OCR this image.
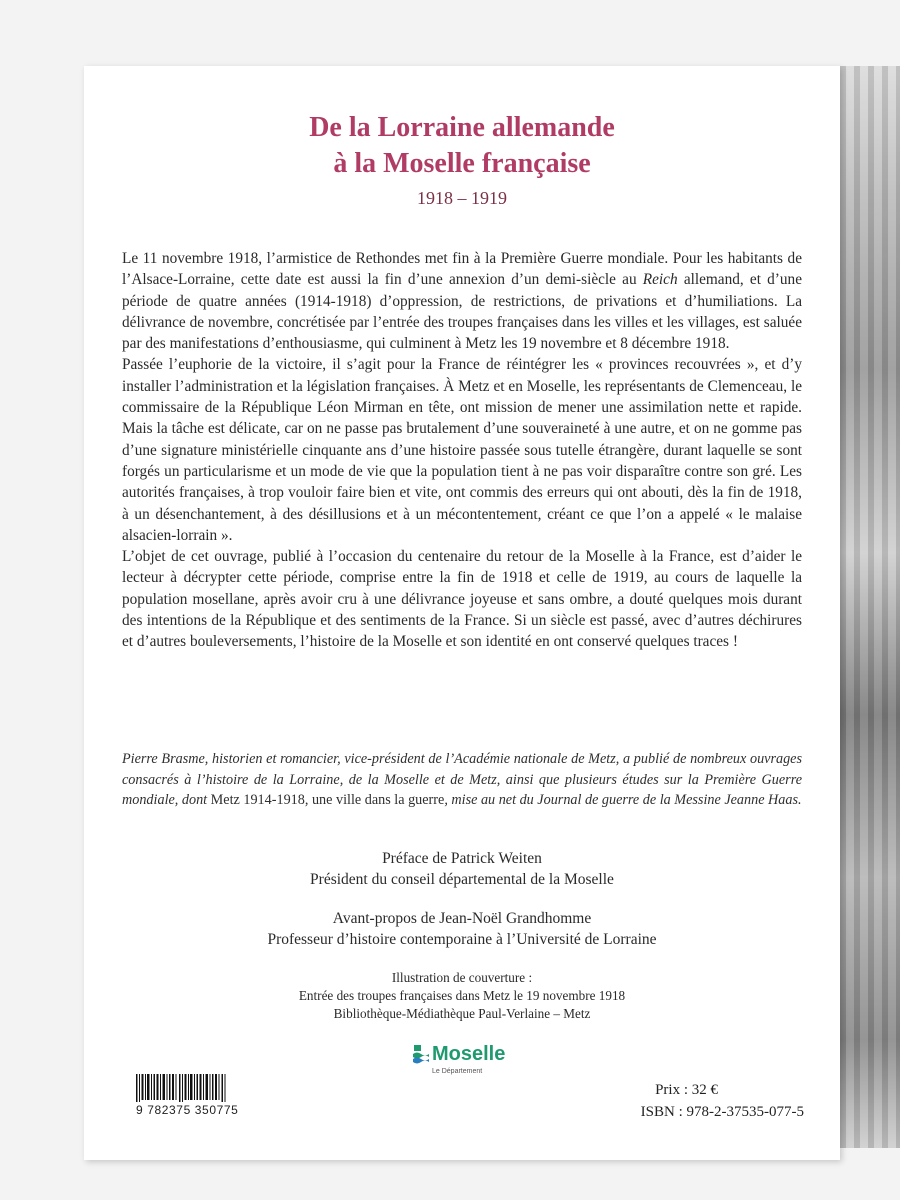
De la Lorraine allemande
à la Moselle française
1918 – 1919

Le 11 novembre 1918, l’armistice de Rethondes met fin à la Première Guerre mondiale. Pour les habitants de l’Alsace-Lorraine, cette date est aussi la fin d’une annexion d’un demi-siècle au Reich allemand, et d’une période de quatre années (1914-1918) d’oppression, de restrictions, de privations et d’humiliations. La délivrance de novembre, concrétisée par l’entrée des troupes françaises dans les villes et les villages, est saluée par des manifestations d’enthousiasme, qui culminent à Metz les 19 novembre et 8 décembre 1918.

Passée l’euphorie de la victoire, il s’agit pour la France de réintégrer les « provinces recouvrées », et d’y installer l’administration et la législation françaises. À Metz et en Moselle, les représentants de Clemenceau, le commissaire de la République Léon Mirman en tête, ont mission de mener une assimilation nette et rapide. Mais la tâche est délicate, car on ne passe pas brutalement d’une souveraineté à une autre, et on ne gomme pas d’une signature ministérielle cinquante ans d’une histoire passée sous tutelle étrangère, durant laquelle se sont forgés un particularisme et un mode de vie que la population tient à ne pas voir disparaître contre son gré. Les autorités françaises, à trop vouloir faire bien et vite, ont commis des erreurs qui ont abouti, dès la fin de 1918, à un désenchantement, à des désillusions et à un mécontentement, créant ce que l’on a appelé « le malaise alsacien-lorrain ».

L’objet de cet ouvrage, publié à l’occasion du centenaire du retour de la Moselle à la France, est d’aider le lecteur à décrypter cette période, comprise entre la fin de 1918 et celle de 1919, au cours de laquelle la population mosellane, après avoir cru à une délivrance joyeuse et sans ombre, a douté quelques mois durant des intentions de la République et des sentiments de la France. Si un siècle est passé, avec d’autres déchirures et d’autres bouleversements, l’histoire de la Moselle et son identité en ont conservé quelques traces !

Pierre Brasme, historien et romancier, vice-président de l’Académie nationale de Metz, a publié de nombreux ouvrages consacrés à l’histoire de la Lorraine, de la Moselle et de Metz, ainsi que plusieurs études sur la Première Guerre mondiale, dont Metz 1914-1918, une ville dans la guerre, mise au net du Journal de guerre de la Messine Jeanne Haas.
Préface de Patrick Weiten
Président du conseil départemental de la Moselle
Avant-propos de Jean-Noël Grandhomme
Professeur d’histoire contemporaine à l’Université de Lorraine
Illustration de couverture :
Entrée des troupes françaises dans Metz le 19 novembre 1918
Bibliothèque-Médiathèque Paul-Verlaine – Metz
Moselle
Le Département
9 782375 350775
Prix : 32 €
ISBN : 978-2-37535-077-5
